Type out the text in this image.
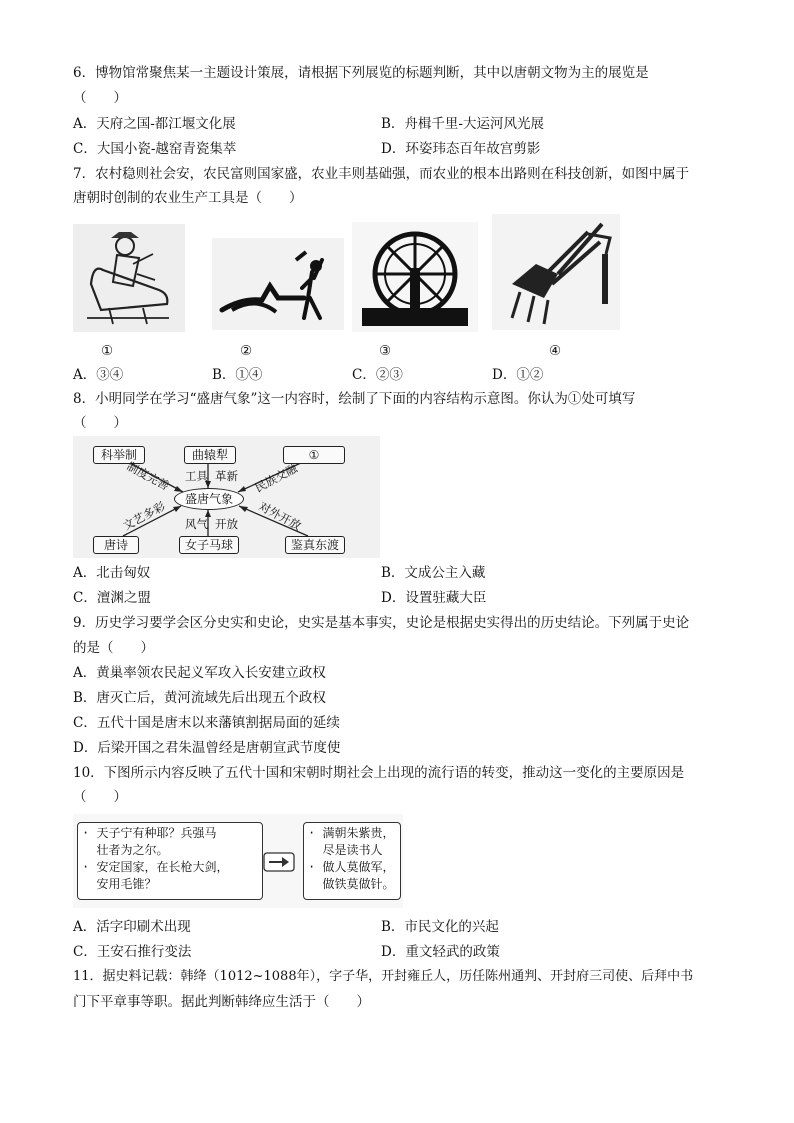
6．博物馆常聚焦某一主题设计策展，请根据下列展览的标题判断，其中以唐朝文物为主的展览是
（　　）
A．天府之国-都江堰文化展	B．舟楫千里-大运河风光展
C．大国小瓷-越窑青瓷集萃	D．环姿玮态百年故宫剪影
7．农村稳则社会安，农民富则国家盛，农业丰则基础强，而农业的根本出路则在科技创新，如图中属于
唐朝时创制的农业生产工具是（　　）
①	②	③	④
A．③④	B．①④	C．②③	D．①②
8．小明同学在学习“盛唐气象”这一内容时，绘制了下面的内容结构示意图。你认为①处可填写
（　　）
科举制	曲辕犁	①
制度完善 工具 革新 民族交融
盛唐气象
文艺多彩 风气 开放 对外开放
唐诗	女子马球	鉴真东渡
A．北击匈奴	B．文成公主入藏
C．澶渊之盟	D．设置驻藏大臣
9．历史学习要学会区分史实和史论，史实是基本事实，史论是根据史实得出的历史结论。下列属于史论
的是（　　）
A．黄巢率领农民起义军攻入长安建立政权
B．唐灭亡后，黄河流域先后出现五个政权
C．五代十国是唐末以来藩镇割据局面的延续
D．后梁开国之君朱温曾经是唐朝宣武节度使
10．下图所示内容反映了五代十国和宋朝时期社会上出现的流行语的转变，推动这一变化的主要原因是
（　　）
· 天子宁有种耶？兵强马
壮者为之尔。
· 安定国家，在长枪大剑，
安用毛锥？
· 满朝朱紫贵，
尽是读书人
· 做人莫做军，
做铁莫做针。
A．活字印刷术出现	B．市民文化的兴起
C．王安石推行变法	D．重文轻武的政策
11．据史料记载：韩绛（1012~1088年），字子华，开封雍丘人，历任陈州通判、开封府三司使、后拜中书
门下平章事等职。据此判断韩绛应生活于（　　）
